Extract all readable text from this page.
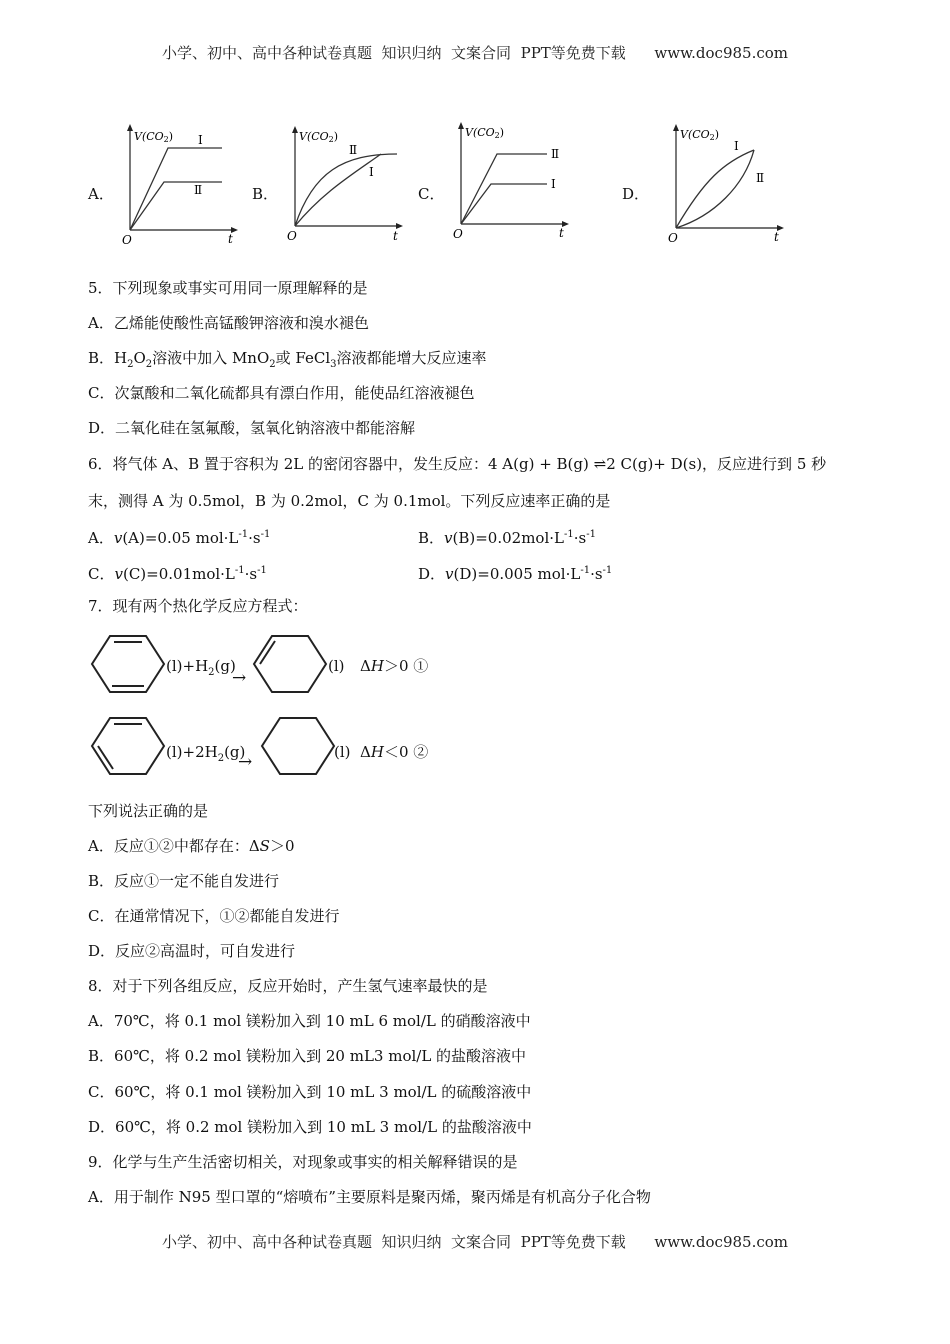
小学、初中、高中各种试卷真题  知识归纳  文案合同  PPT等免费下载 www.doc985.com
A．	B．	C．	D．
V(CO2) Ⅰ
Ⅱ
O	t
V(CO2)
Ⅱ
Ⅰ
O	t
V(CO2)
Ⅱ
Ⅰ
O	t
V(CO2)
Ⅰ
Ⅱ
O	t
5．下列现象或事实可用同一原理解释的是
A．乙烯能使酸性高锰酸钾溶液和溴水褪色
B．$H_2O_2$溶液中加入 MnO$_2$或 FeCl$_3$溶液都能增大反应速率
C．次氯酸和二氧化硫都具有漂白作用，能使品红溶液褪色
D．二氧化硅在氢氟酸，氢氧化钠溶液中都能溶解
6．将气体 A、B 置于容积为 2L 的密闭容器中，发生反应：4 A(g) + B(g) ⇌2 C(g)+ D(s)，反应进行到 5 秒
末，测得 A 为 0.5mol，B 为 0.2mol，C 为 0.1mol。下列反应速率正确的是
A．v(A)=0.05 $mol\cdot L^{-1}\cdot s^{-1}$	B．$v(B)=0.02mol\cdot L^{-1}\cdot s^{-1}$
C．$v(C)=0.01mol\cdot L^{-1}\cdot s^{-1}$	D．v(D)=0.005 $mol\cdot L^{-1}\cdot s^{-1}$
7．现有两个热化学反应方程式：
$(l)+H_2(g)$
→
(l) ΔH＞0 ①
$(l)+2H_2(g)$
→	(l) ΔH＜0 ②
下列说法正确的是
A．反应①②中都存在：ΔS＞0
B．反应①一定不能自发进行
C．在通常情况下，①②都能自发进行
D．反应②高温时，可自发进行
8．对于下列各组反应，反应开始时，产生氢气速率最快的是
A．70℃，将 0.1 mol 镁粉加入到 10 mL 6 mol/L 的硝酸溶液中
B．60℃，将 0.2 mol 镁粉加入到 20 mL3 mol/L 的盐酸溶液中
C．60℃，将 0.1 mol 镁粉加入到 10 mL 3 mol/L 的硫酸溶液中
D．60℃，将 0.2 mol 镁粉加入到 10 mL 3 mol/L 的盐酸溶液中
9．化学与生产生活密切相关，对现象或事实的相关解释错误的是
A．用于制作 N95 型口罩的“熔喷布”主要原料是聚丙烯，聚丙烯是有机高分子化合物
小学、初中、高中各种试卷真题  知识归纳  文案合同  PPT等免费下载 www.doc985.com
